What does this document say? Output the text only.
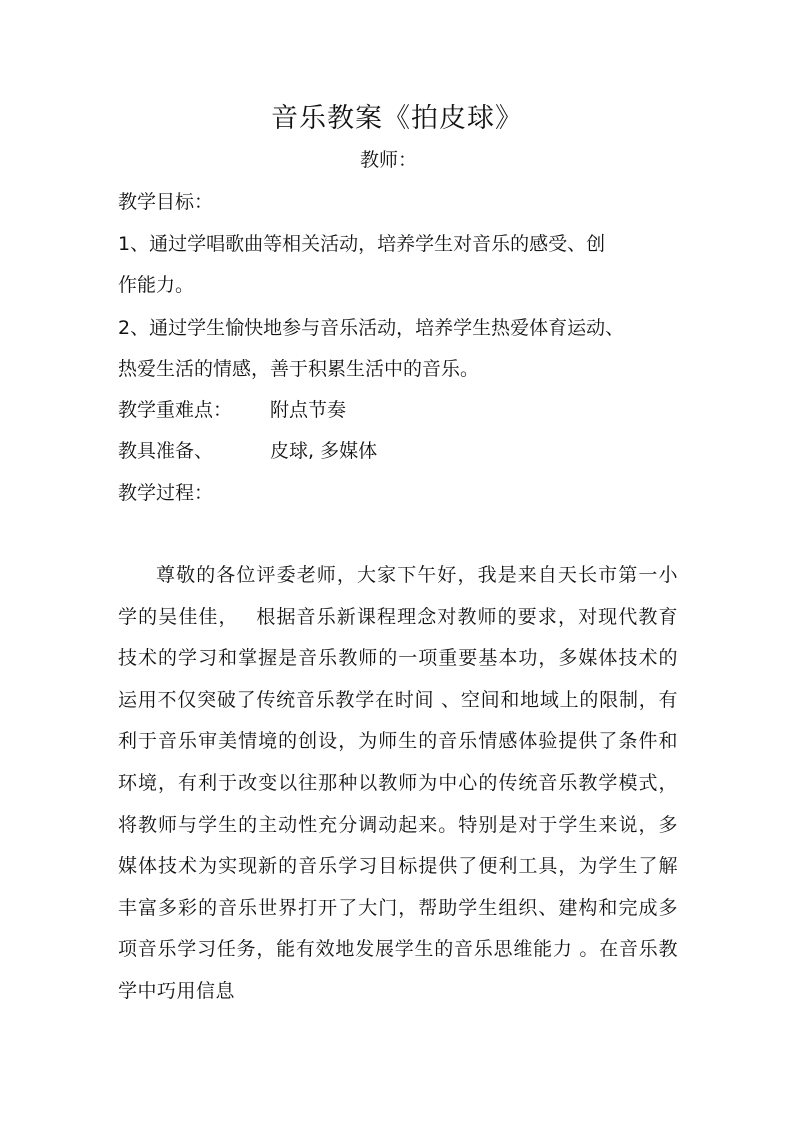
音乐教案《拍皮球》
教师：
教学目标：
1、通过学唱歌曲等相关活动，培养学生对音乐的感受、创
作能力。
2、通过学生愉快地参与音乐活动，培养学生热爱体育运动、
热爱生活的情感，善于积累生活中的音乐。
教学重难点： 附点节奏
教具准备、	皮球, 多媒体
教学过程：
尊敬的各位评委老师，大家下午好，我是来自天长市第一小学的吴佳佳，　 根据音乐新课程理念对教师的要求，对现代教育技术的学习和掌握是音乐教师的一项重要基本功，多媒体技术的运用不仅突破了传统音乐教学在时间 、空间和地域上的限制，有利于音乐审美情境的创设，为师生的音乐情感体验提供了条件和环境，有利于改变以往那种以教师为中心的传统音乐教学模式，将教师与学生的主动性充分调动起来。特别是对于学生来说，多媒体技术为实现新的音乐学习目标提供了便利工具，为学生了解丰富多彩的音乐世界打开了大门，帮助学生组织、建构和完成多项音乐学习任务，能有效地发展学生的音乐思维能力 。在音乐教学中巧用信息
